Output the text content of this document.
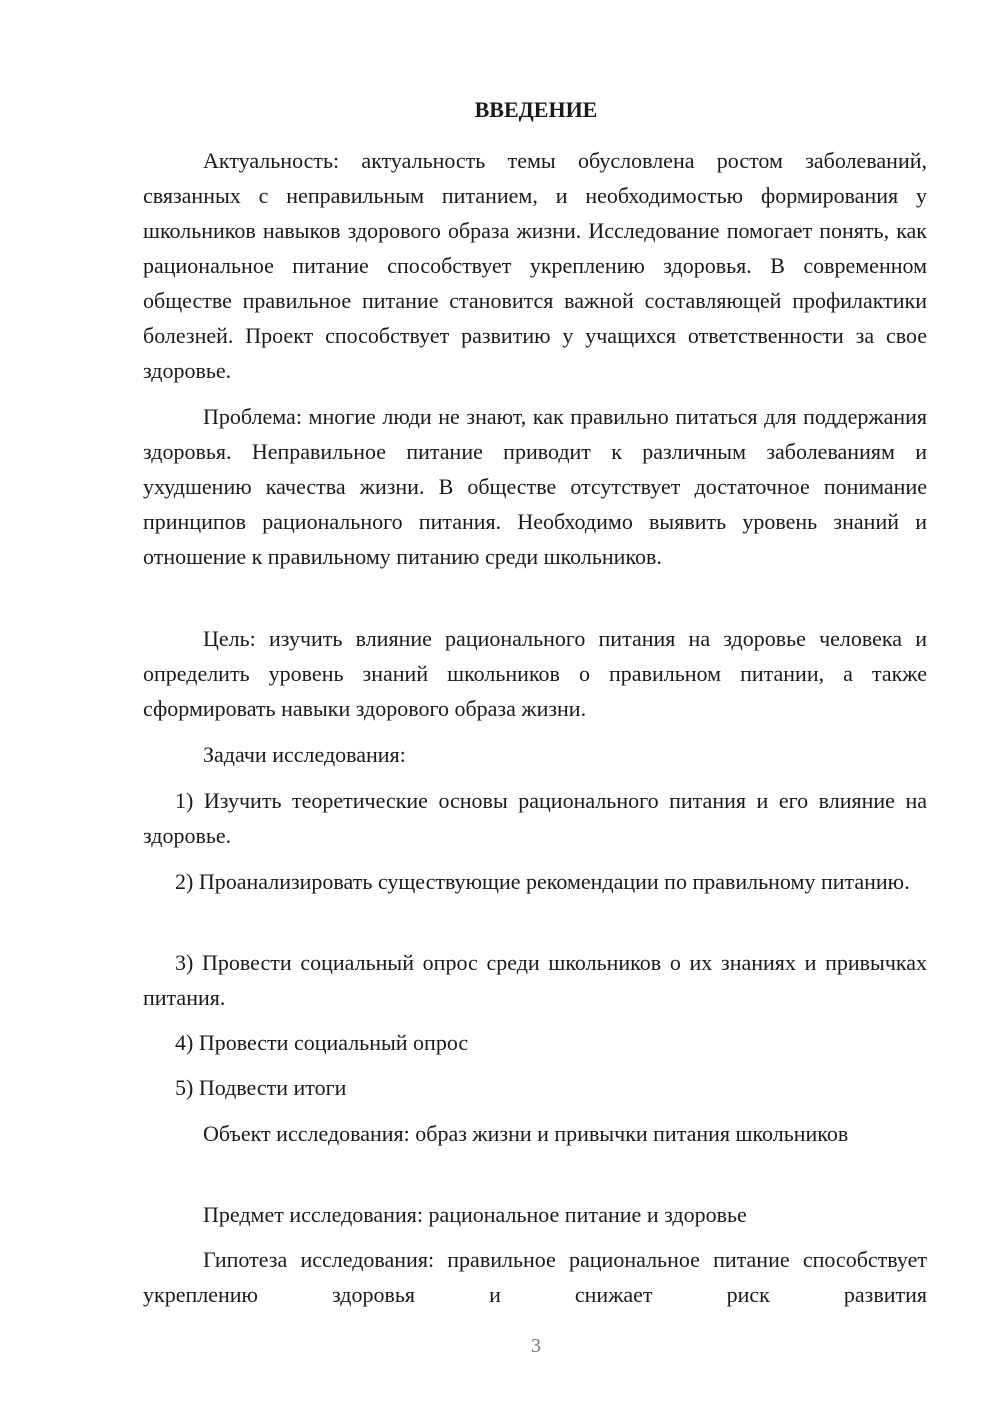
ВВЕДЕНИЕ

Актуальность: актуальность темы обусловлена ростом заболеваний, связанных с неправильным питанием, и необходимостью формирования у школьников навыков здорового образа жизни. Исследование помогает понять, как рациональное питание способствует укреплению здоровья. В современном обществе правильное питание становится важной составляющей профилактики болезней. Проект способствует развитию у учащихся ответственности за свое здоровье.

Проблема: многие люди не знают, как правильно питаться для поддержания здоровья. Неправильное питание приводит к различным заболеваниям и ухудшению качества жизни. В обществе отсутствует достаточное понимание принципов рационального питания. Необходимо выявить уровень знаний и отношение к правильному питанию среди школьников.

Цель: изучить влияние рационального питания на здоровье человека и определить уровень знаний школьников о правильном питании, а также сформировать навыки здорового образа жизни.

Задачи исследования:

1) Изучить теоретические основы рационального питания и его влияние на здоровье.

2) Проанализировать существующие рекомендации по правильному питанию.

3) Провести социальный опрос среди школьников о их знаниях и привычках питания.

4) Провести социальный опрос

5) Подвести итоги

Объект исследования: образ жизни и привычки питания школьников

Предмет исследования: рациональное питание и здоровье

Гипотеза исследования: правильное рациональное питание способствует укреплению здоровья и снижает риск развития

3
